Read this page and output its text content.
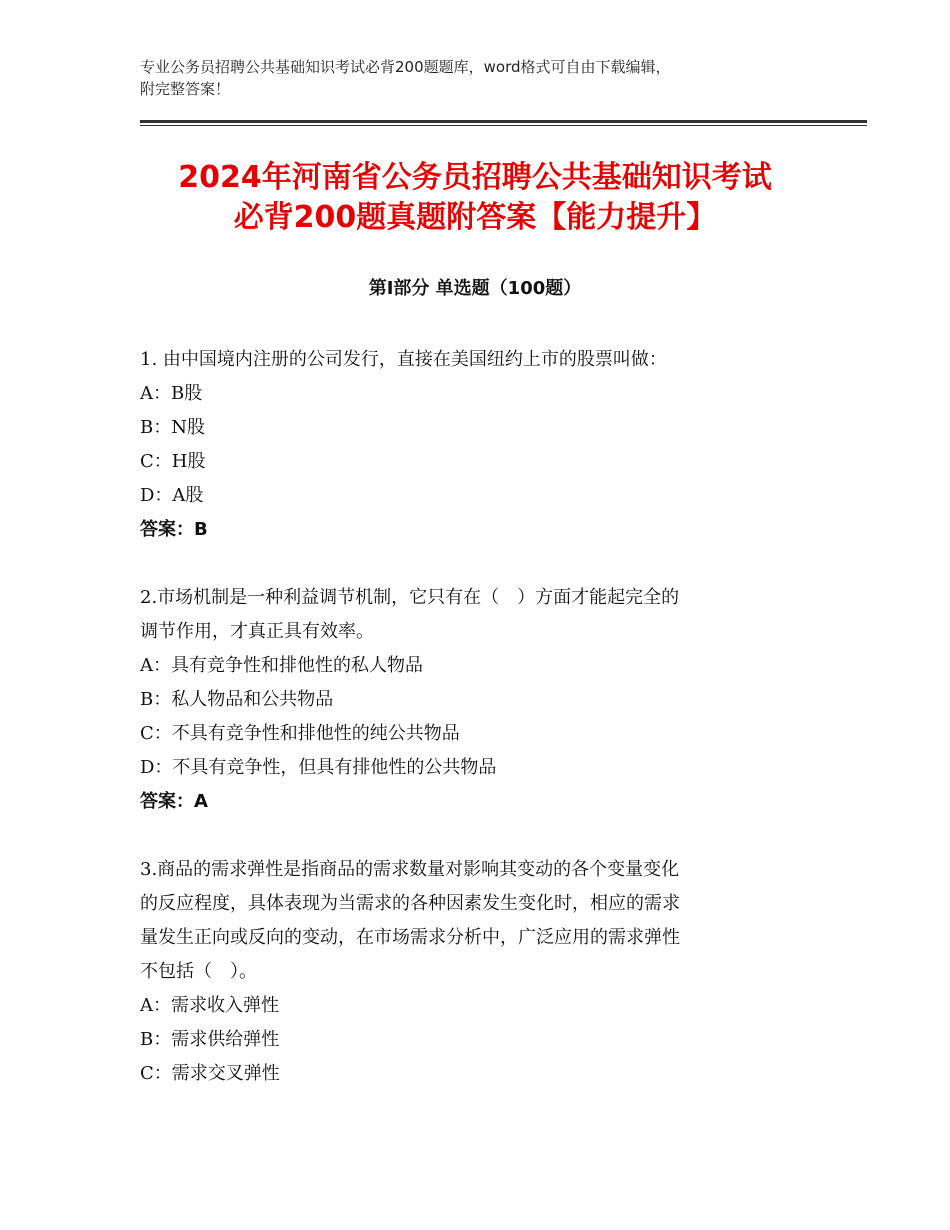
专业公务员招聘公共基础知识考试必背200题题库，word格式可自由下载编辑，
附完整答案！
2024年河南省公务员招聘公共基础知识考试
必背200题真题附答案【能力提升】
第Ⅰ部分 单选题（100题）

1. 由中国境内注册的公司发行，直接在美国纽约上市的股票叫做：

A：B股

B：N股

C：H股

D：A股

答案：B

2.市场机制是一种利益调节机制，它只有在（　）方面才能起完全的

调节作用，才真正具有效率。

A：具有竞争性和排他性的私人物品

B：私人物品和公共物品

C：不具有竞争性和排他性的纯公共物品

D：不具有竞争性，但具有排他性的公共物品

答案：A

3.商品的需求弹性是指商品的需求数量对影响其变动的各个变量变化

的反应程度，具体表现为当需求的各种因素发生变化时，相应的需求

量发生正向或反向的变动，在市场需求分析中，广泛应用的需求弹性

不包括（　）。

A：需求收入弹性

B：需求供给弹性

C：需求交叉弹性
